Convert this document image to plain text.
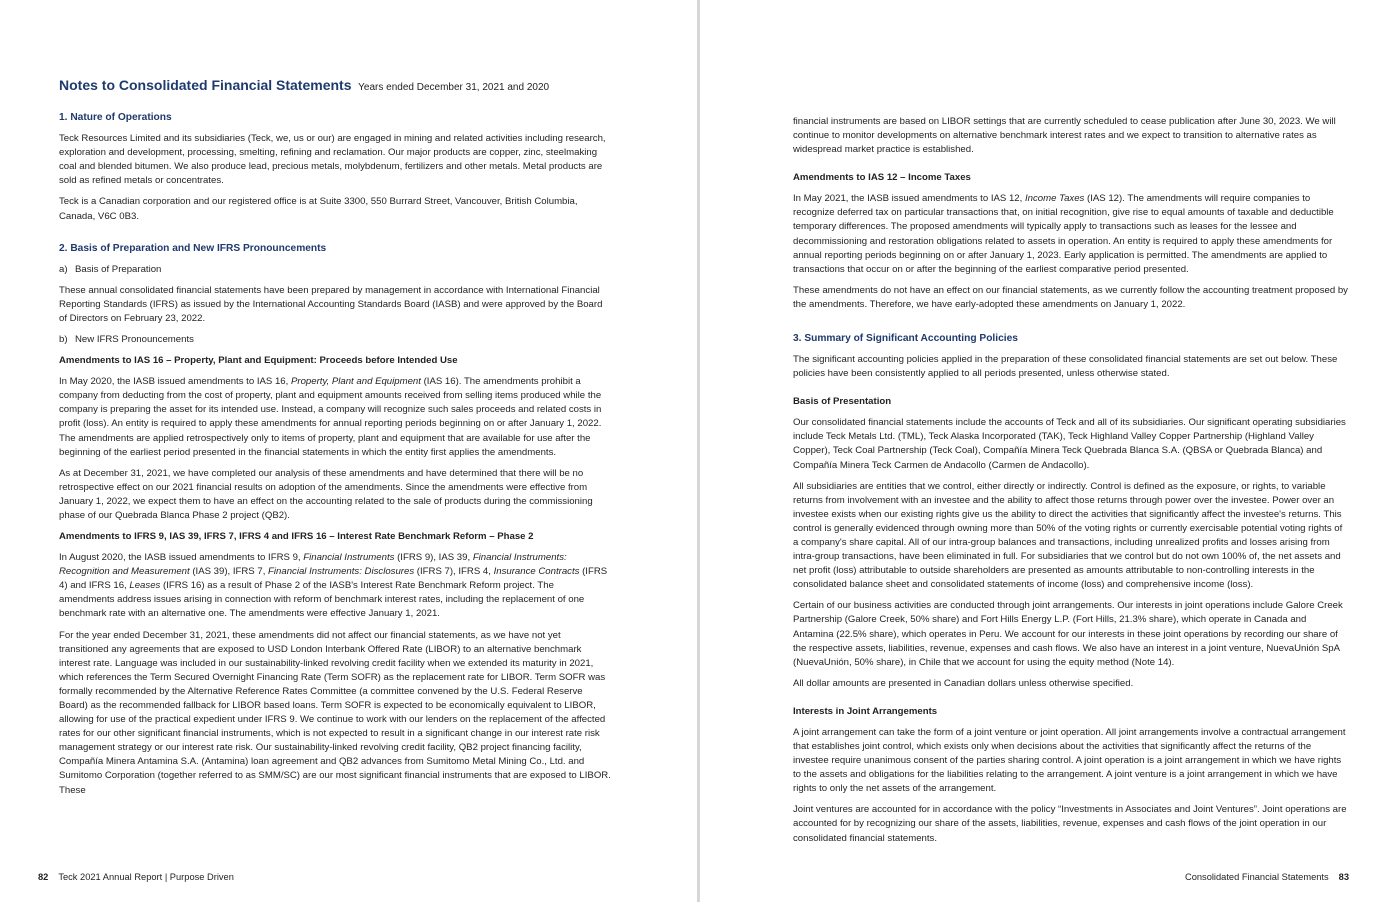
Notes to Consolidated Financial Statements Years ended December 31, 2021 and 2020
1. Nature of Operations

Teck Resources Limited and its subsidiaries (Teck, we, us or our) are engaged in mining and related activities including research, exploration and development, processing, smelting, refining and reclamation. Our major products are copper, zinc, steelmaking coal and blended bitumen. We also produce lead, precious metals, molybdenum, fertilizers and other metals. Metal products are sold as refined metals or concentrates.

Teck is a Canadian corporation and our registered office is at Suite 3300, 550 Burrard Street, Vancouver, British Columbia, Canada, V6C 0B3.

2. Basis of Preparation and New IFRS Pronouncements
a) Basis of Preparation

These annual consolidated financial statements have been prepared by management in accordance with International Financial Reporting Standards (IFRS) as issued by the International Accounting Standards Board (IASB) and were approved by the Board of Directors on February 23, 2022.

b) New IFRS Pronouncements
Amendments to IAS 16 – Property, Plant and Equipment: Proceeds before Intended Use

In May 2020, the IASB issued amendments to IAS 16, Property, Plant and Equipment (IAS 16). The amendments prohibit a company from deducting from the cost of property, plant and equipment amounts received from selling items produced while the company is preparing the asset for its intended use. Instead, a company will recognize such sales proceeds and related costs in profit (loss). An entity is required to apply these amendments for annual reporting periods beginning on or after January 1, 2022. The amendments are applied retrospectively only to items of property, plant and equipment that are available for use after the beginning of the earliest period presented in the financial statements in which the entity first applies the amendments.

As at December 31, 2021, we have completed our analysis of these amendments and have determined that there will be no retrospective effect on our 2021 financial results on adoption of the amendments. Since the amendments were effective from January 1, 2022, we expect them to have an effect on the accounting related to the sale of products during the commissioning phase of our Quebrada Blanca Phase 2 project (QB2).

Amendments to IFRS 9, IAS 39, IFRS 7, IFRS 4 and IFRS 16 – Interest Rate Benchmark Reform – Phase 2

In August 2020, the IASB issued amendments to IFRS 9, Financial Instruments (IFRS 9), IAS 39, Financial Instruments: Recognition and Measurement (IAS 39), IFRS 7, Financial Instruments: Disclosures (IFRS 7), IFRS 4, Insurance Contracts (IFRS 4) and IFRS 16, Leases (IFRS 16) as a result of Phase 2 of the IASB's Interest Rate Benchmark Reform project. The amendments address issues arising in connection with reform of benchmark interest rates, including the replacement of one benchmark rate with an alternative one. The amendments were effective January 1, 2021.

For the year ended December 31, 2021, these amendments did not affect our financial statements, as we have not yet transitioned any agreements that are exposed to USD London Interbank Offered Rate (LIBOR) to an alternative benchmark interest rate. Language was included in our sustainability-linked revolving credit facility when we extended its maturity in 2021, which references the Term Secured Overnight Financing Rate (Term SOFR) as the replacement rate for LIBOR. Term SOFR was formally recommended by the Alternative Reference Rates Committee (a committee convened by the U.S. Federal Reserve Board) as the recommended fallback for LIBOR based loans. Term SOFR is expected to be economically equivalent to LIBOR, allowing for use of the practical expedient under IFRS 9. We continue to work with our lenders on the replacement of the affected rates for our other significant financial instruments, which is not expected to result in a significant change in our interest rate risk management strategy or our interest rate risk. Our sustainability-linked revolving credit facility, QB2 project financing facility, Compañía Minera Antamina S.A. (Antamina) loan agreement and QB2 advances from Sumitomo Metal Mining Co., Ltd. and Sumitomo Corporation (together referred to as SMM/SC) are our most significant financial instruments that are exposed to LIBOR. These

82 Teck 2021 Annual Report | Purpose Driven

financial instruments are based on LIBOR settings that are currently scheduled to cease publication after June 30, 2023. We will continue to monitor developments on alternative benchmark interest rates and we expect to transition to alternative rates as widespread market practice is established.

Amendments to IAS 12 – Income Taxes

In May 2021, the IASB issued amendments to IAS 12, Income Taxes (IAS 12). The amendments will require companies to recognize deferred tax on particular transactions that, on initial recognition, give rise to equal amounts of taxable and deductible temporary differences. The proposed amendments will typically apply to transactions such as leases for the lessee and decommissioning and restoration obligations related to assets in operation. An entity is required to apply these amendments for annual reporting periods beginning on or after January 1, 2023. Early application is permitted. The amendments are applied to transactions that occur on or after the beginning of the earliest comparative period presented.

These amendments do not have an effect on our financial statements, as we currently follow the accounting treatment proposed by the amendments. Therefore, we have early-adopted these amendments on January 1, 2022.

3. Summary of Significant Accounting Policies

The significant accounting policies applied in the preparation of these consolidated financial statements are set out below. These policies have been consistently applied to all periods presented, unless otherwise stated.

Basis of Presentation

Our consolidated financial statements include the accounts of Teck and all of its subsidiaries. Our significant operating subsidiaries include Teck Metals Ltd. (TML), Teck Alaska Incorporated (TAK), Teck Highland Valley Copper Partnership (Highland Valley Copper), Teck Coal Partnership (Teck Coal), Compañía Minera Teck Quebrada Blanca S.A. (QBSA or Quebrada Blanca) and Compañía Minera Teck Carmen de Andacollo (Carmen de Andacollo).

All subsidiaries are entities that we control, either directly or indirectly. Control is defined as the exposure, or rights, to variable returns from involvement with an investee and the ability to affect those returns through power over the investee. Power over an investee exists when our existing rights give us the ability to direct the activities that significantly affect the investee's returns. This control is generally evidenced through owning more than 50% of the voting rights or currently exercisable potential voting rights of a company's share capital. All of our intra-group balances and transactions, including unrealized profits and losses arising from intra-group transactions, have been eliminated in full. For subsidiaries that we control but do not own 100% of, the net assets and net profit (loss) attributable to outside shareholders are presented as amounts attributable to non-controlling interests in the consolidated balance sheet and consolidated statements of income (loss) and comprehensive income (loss).

Certain of our business activities are conducted through joint arrangements. Our interests in joint operations include Galore Creek Partnership (Galore Creek, 50% share) and Fort Hills Energy L.P. (Fort Hills, 21.3% share), which operate in Canada and Antamina (22.5% share), which operates in Peru. We account for our interests in these joint operations by recording our share of the respective assets, liabilities, revenue, expenses and cash flows. We also have an interest in a joint venture, NuevaUnión SpA (NuevaUnión, 50% share), in Chile that we account for using the equity method (Note 14).

All dollar amounts are presented in Canadian dollars unless otherwise specified.

Interests in Joint Arrangements

A joint arrangement can take the form of a joint venture or joint operation. All joint arrangements involve a contractual arrangement that establishes joint control, which exists only when decisions about the activities that significantly affect the returns of the investee require unanimous consent of the parties sharing control. A joint operation is a joint arrangement in which we have rights to the assets and obligations for the liabilities relating to the arrangement. A joint venture is a joint arrangement in which we have rights to only the net assets of the arrangement.

Joint ventures are accounted for in accordance with the policy “Investments in Associates and Joint Ventures”. Joint operations are accounted for by recognizing our share of the assets, liabilities, revenue, expenses and cash flows of the joint operation in our consolidated financial statements.

Consolidated Financial Statements 83
